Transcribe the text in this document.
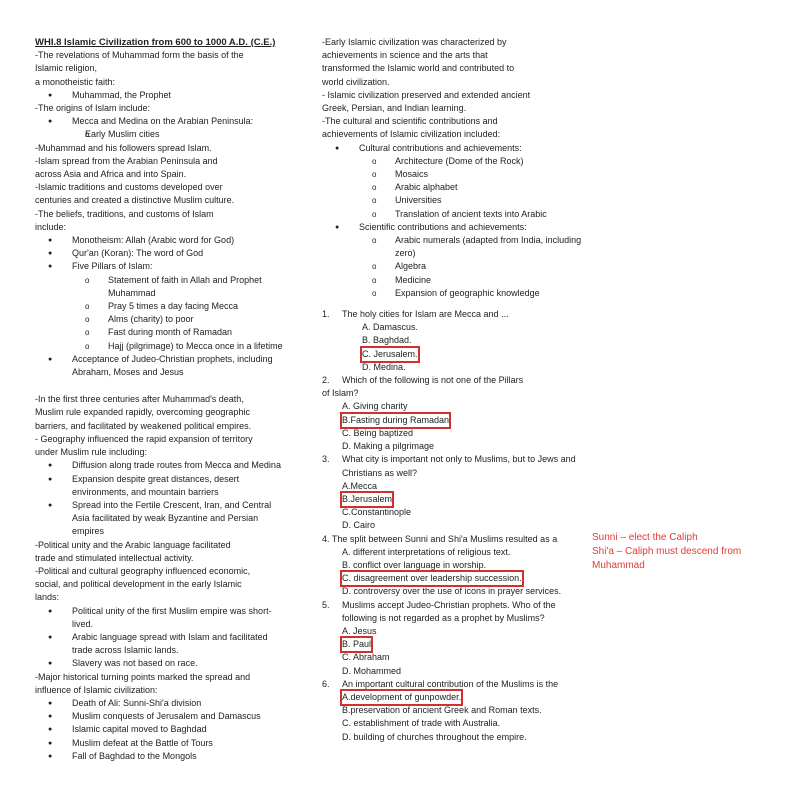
WHI.8 Islamic Civilization from 600 to 1000 A.D. (C.E.)

-The revelations of Muhammad form the basis of the

Islamic religion,

a monotheistic faith:

● Muhammad, the Prophet

-The origins of Islam include:

● Mecca and Medina on the Arabian Peninsula:
o Early Muslim cities

-Muhammad and his followers spread Islam.

-Islam spread from the Arabian Peninsula and

across Asia and Africa and into Spain.

-Islamic traditions and customs developed over

centuries and created a distinctive Muslim culture.

-The beliefs, traditions, and customs of Islam

include:

● Monotheism: Allah (Arabic word for God)
● Qur'an (Koran): The word of God
● Five Pillars of Islam:
o Statement of faith in Allah and Prophet Muhammad
o Pray 5 times a day facing Mecca
o Alms (charity) to poor
o Fast during month of Ramadan
o Hajj (pilgrimage) to Mecca once in a lifetime
● Acceptance of Judeo-Christian prophets, including Abraham, Moses and Jesus

-In the first three centuries after Muhammad's death,

Muslim rule expanded rapidly, overcoming geographic

barriers, and facilitated by weakened political empires.

- Geography influenced the rapid expansion of territory

under Muslim rule including:

● Diffusion along trade routes from Mecca and Medina
● Expansion despite great distances, desert environments, and mountain barriers
● Spread into the Fertile Crescent, Iran, and Central Asia facilitated by weak Byzantine and Persian empires

-Political unity and the Arabic language facilitated

trade and stimulated intellectual activity.

-Political and cultural geography influenced economic,

social, and political development in the early Islamic

lands:

● Political unity of the first Muslim empire was short-lived.
● Arabic language spread with Islam and facilitated trade across Islamic lands.
● Slavery was not based on race.

-Major historical turning points marked the spread and

influence of Islamic civilization:

● Death of Ali: Sunni-Shi'a division
● Muslim conquests of Jerusalem and Damascus
● Islamic capital moved to Baghdad
● Muslim defeat at the Battle of Tours
● Fall of Baghdad to the Mongols

-Early Islamic civilization was characterized by

achievements in science and the arts that

transformed the Islamic world and contributed to

world civilization.

- Islamic civilization preserved and extended ancient

Greek, Persian, and Indian learning.

-The cultural and scientific contributions and

achievements of Islamic civilization included:

● Cultural contributions and achievements:
o Architecture (Dome of the Rock)
o Mosaics
o Arabic alphabet
o Universities
o Translation of ancient texts into Arabic
● Scientific contributions and achievements:
o Arabic numerals (adapted from India, including zero)
o Algebra
o Medicine
o Expansion of geographic knowledge
1. The holy cities for Islam are Mecca and ...

A. Damascus.

B. Baghdad.

C. Jerusalem.

D. Medina.

2. Which of the following is not one of the Pillars

of Islam?

A. Giving charity

B.Fasting during Ramadan

C. Being baptized

D. Making a pilgrimage

3. What city is important not only to Muslims, but to Jews and Christians as well?

A.Mecca

B.Jerusalem

C.Constantinople

D. Cairo

4. The split between Sunni and Shi'a Muslims resulted as a

A. different interpretations of religious text.

B. conflict over language in worship.

C. disagreement over leadership succession.

D. controversy over the use of icons in prayer services.

5. Muslims accept Judeo-Christian prophets. Who of the following is not regarded as a prophet by Muslims?

A. Jesus

B. Paul

C. Abraham

D. Mohammed

6. An important cultural contribution of the Muslims is the

A.development of gunpowder.

B.preservation of ancient Greek and Roman texts.

C. establishment of trade with Australia.

D. building of churches throughout the empire.

Sunni – elect the Caliph
Shi'a – Caliph must descend from Muhammad
